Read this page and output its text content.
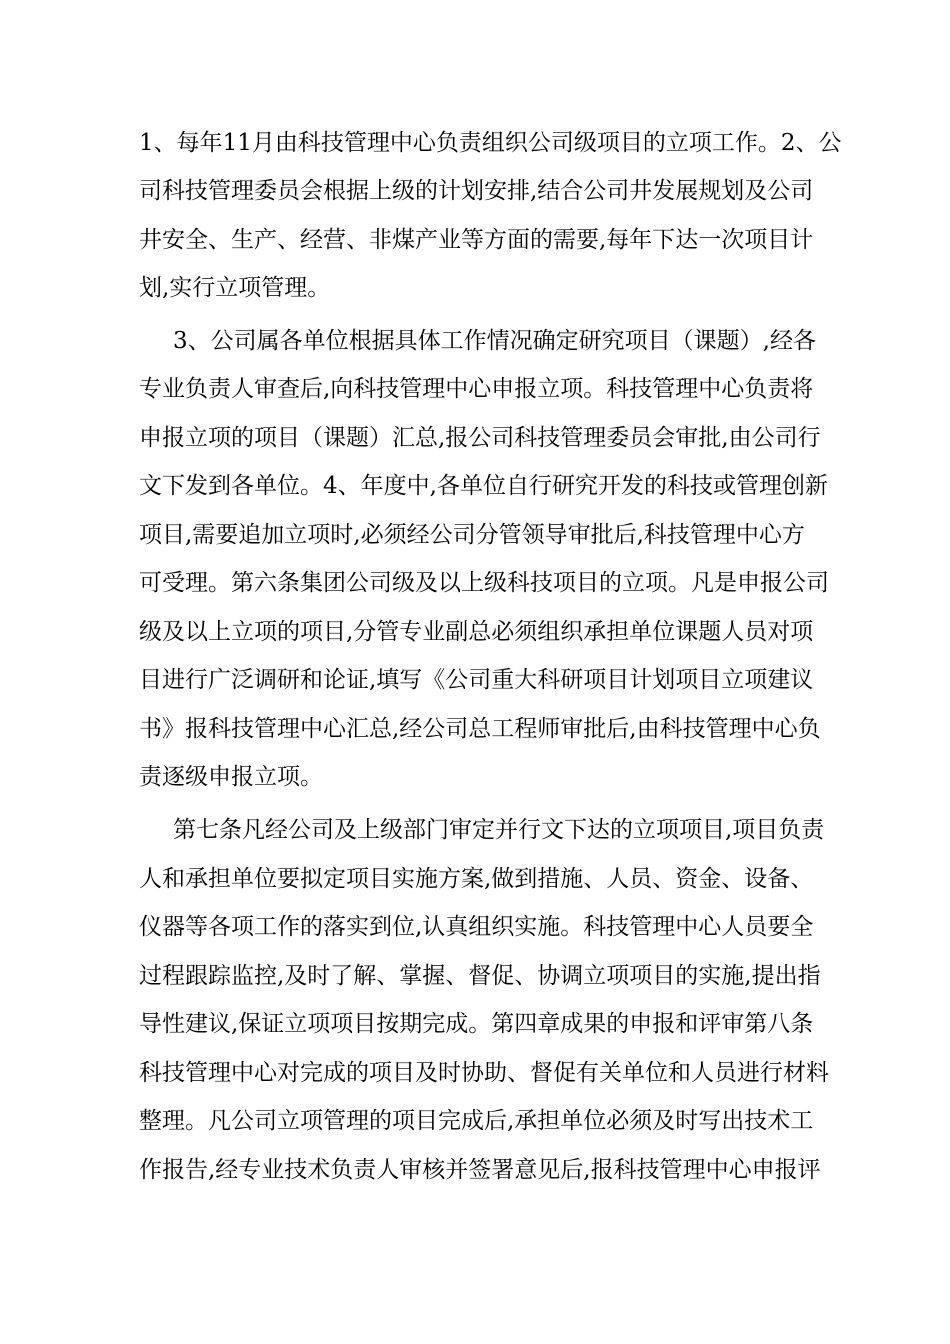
1、每年11月由科技管理中心负责组织公司级项目的立项工作。2、公

司科技管理委员会根据上级的计划安排,结合公司井发展规划及公司

井安全、生产、经营、非煤产业等方面的需要,每年下达一次项目计

划,实行立项管理。

3、公司属各单位根据具体工作情况确定研究项目（课题）,经各

专业负责人审查后,向科技管理中心申报立项。科技管理中心负责将

申报立项的项目（课题）汇总,报公司科技管理委员会审批,由公司行

文下发到各单位。4、年度中,各单位自行研究开发的科技或管理创新

项目,需要追加立项时,必须经公司分管领导审批后,科技管理中心方

可受理。第六条集团公司级及以上级科技项目的立项。凡是申报公司

级及以上立项的项目,分管专业副总必须组织承担单位课题人员对项

目进行广泛调研和论证,填写《公司重大科研项目计划项目立项建议

书》报科技管理中心汇总,经公司总工程师审批后,由科技管理中心负

责逐级申报立项。

第七条凡经公司及上级部门审定并行文下达的立项项目,项目负责

人和承担单位要拟定项目实施方案,做到措施、人员、资金、设备、

仪器等各项工作的落实到位,认真组织实施。科技管理中心人员要全

过程跟踪监控,及时了解、掌握、督促、协调立项项目的实施,提出指

导性建议,保证立项项目按期完成。第四章成果的申报和评审第八条

科技管理中心对完成的项目及时协助、督促有关单位和人员进行材料

整理。凡公司立项管理的项目完成后,承担单位必须及时写出技术工

作报告,经专业技术负责人审核并签署意见后,报科技管理中心申报评
